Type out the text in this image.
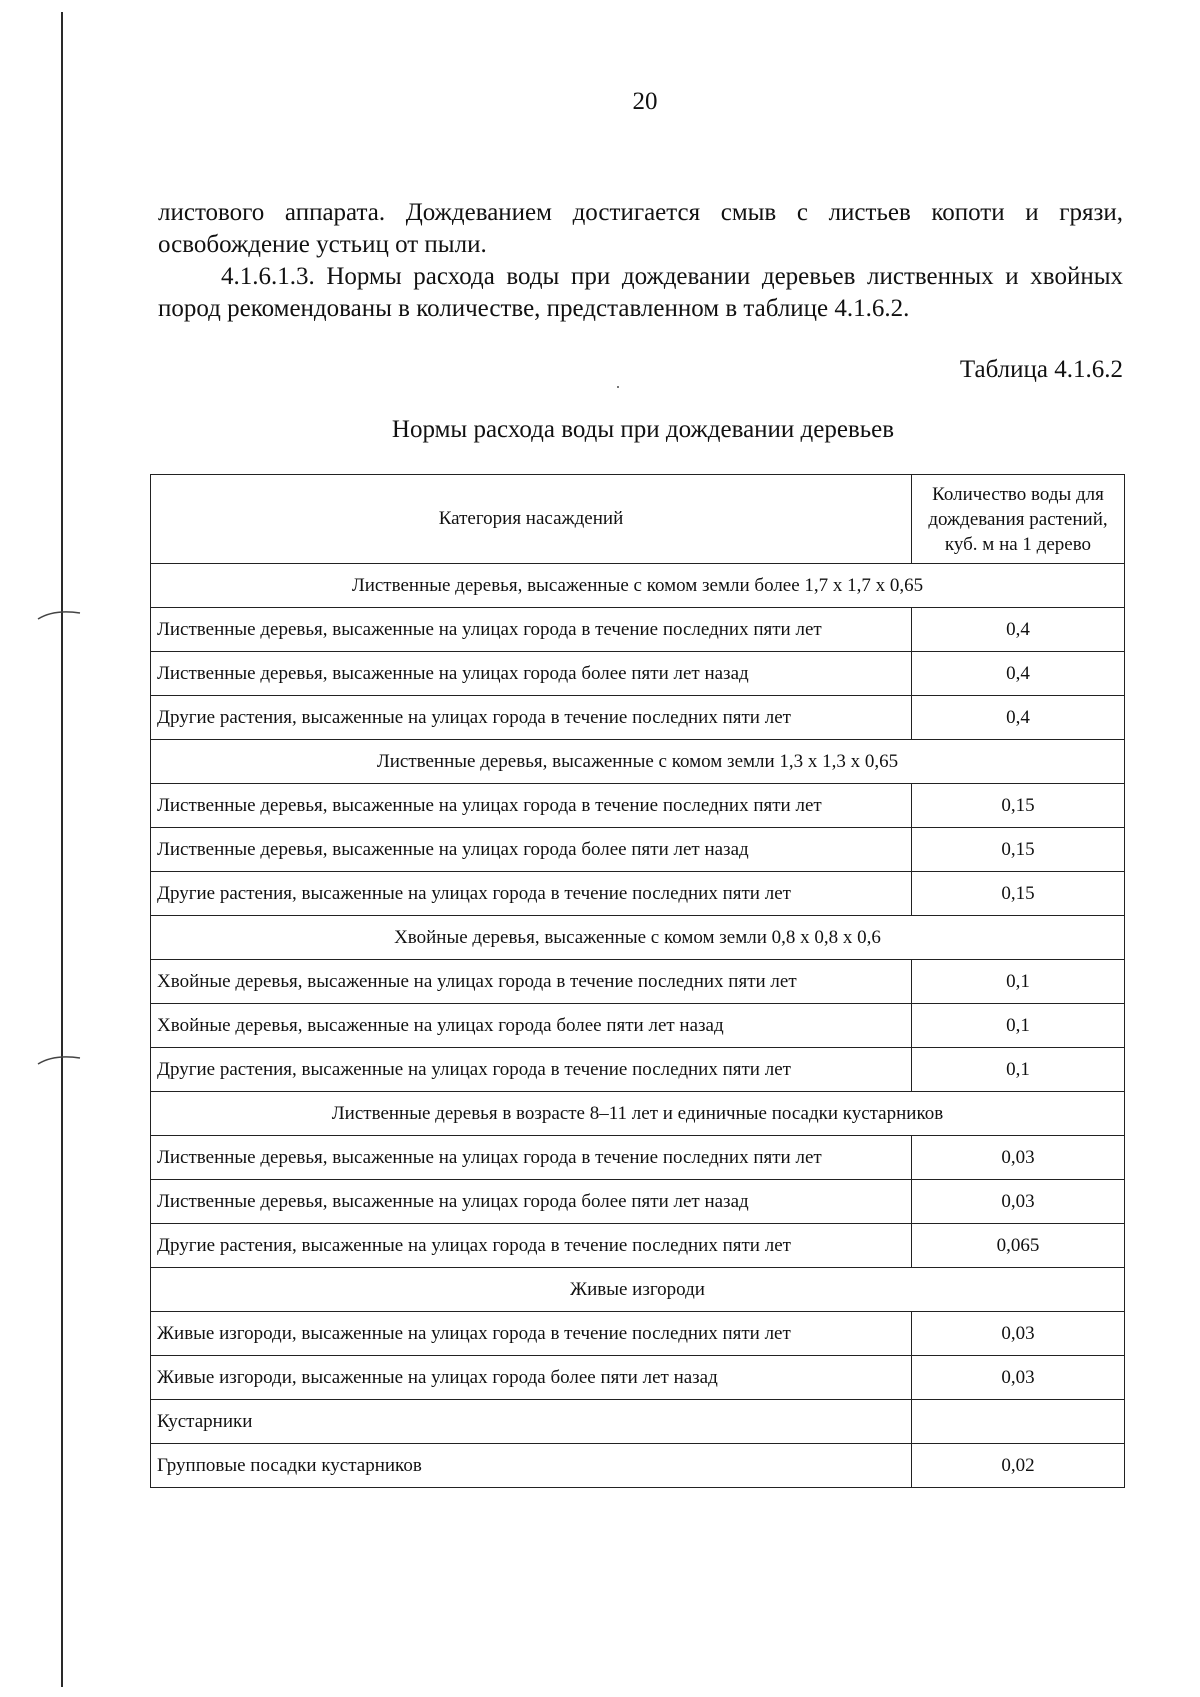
20
листового аппарата. Дождеванием достигается смыв с листьев копоти и грязи, освобождение устьиц от пыли.
4.1.6.1.3. Нормы расхода воды при дождевании деревьев лиственных и хвойных пород рекомендованы в количестве, представленном в таблице 4.1.6.2.
Таблица 4.1.6.2
Нормы расхода воды при дождевании деревьев
Категория насаждений	Количество воды для дождевания растений, куб. м на 1 дерево
Лиственные деревья, высаженные с комом земли более 1,7 х 1,7 х 0,65	
Лиственные деревья, высаженные на улицах города в течение последних пяти лет	0,4
Лиственные деревья, высаженные на улицах города более пяти лет назад	0,4
Другие растения, высаженные на улицах города в течение последних пяти лет	0,4
Лиственные деревья, высаженные с комом земли 1,3 х 1,3 х 0,65	
Лиственные деревья, высаженные на улицах города в течение последних пяти лет	0,15
Лиственные деревья, высаженные на улицах города более пяти лет назад	0,15
Другие растения, высаженные на улицах города в течение последних пяти лет	0,15
Хвойные деревья, высаженные с комом земли 0,8 х 0,8 х 0,6	
Хвойные деревья, высаженные на улицах города в течение последних пяти лет	0,1
Хвойные деревья, высаженные на улицах города более пяти лет назад	0,1
Другие растения, высаженные на улицах города в течение последних пяти лет	0,1
Лиственные деревья в возрасте 8–11 лет и единичные посадки кустарников	
Лиственные деревья, высаженные на улицах города в течение последних пяти лет	0,03
Лиственные деревья, высаженные на улицах города более пяти лет назад	0,03
Другие растения, высаженные на улицах города в течение последних пяти лет	0,065
Живые изгороди	
Живые изгороди, высаженные на улицах города в течение последних пяти лет	0,03
Живые изгороди, высаженные на улицах города более пяти лет назад	0,03
Кустарники	
Групповые посадки кустарников	0,02
